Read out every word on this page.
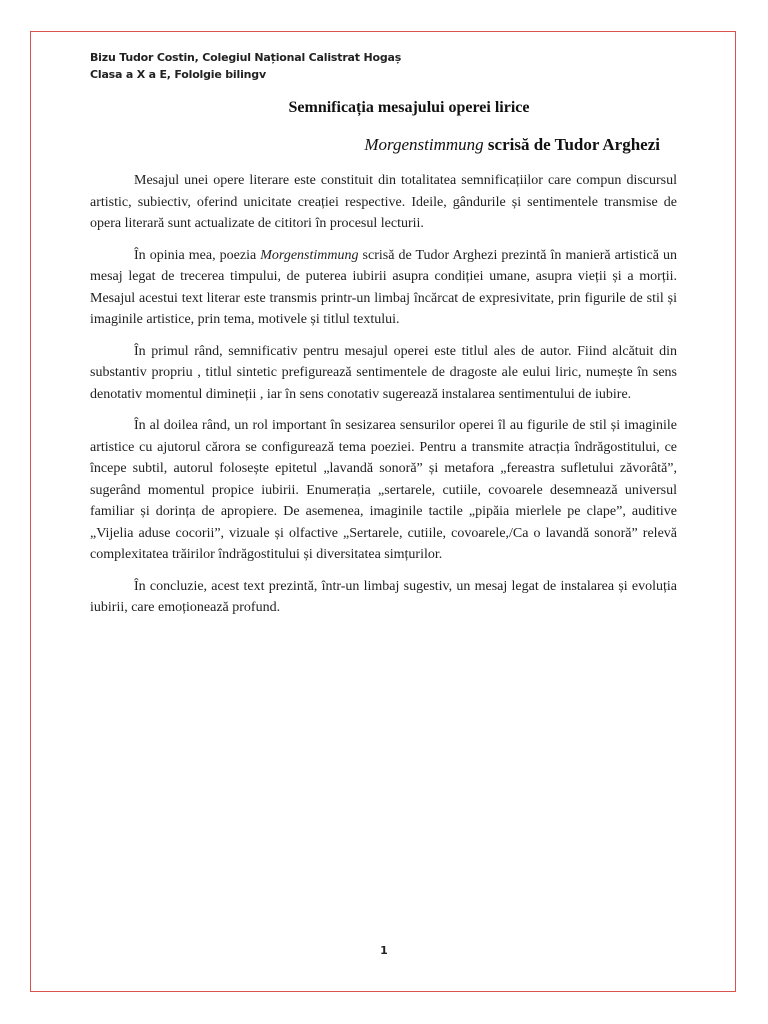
Bizu Tudor Costin, Colegiul Național Calistrat Hogaș
Clasa a X a E, Fololgie bilingv
Semnificația mesajului operei lirice
Morgenstimmung scrisă de Tudor Arghezi

Mesajul unei opere literare este constituit din totalitatea semnificațiilor care compun discursul artistic, subiectiv, oferind unicitate creației respective. Ideile, gândurile și sentimentele transmise de opera literară sunt actualizate de cititori în procesul lecturii.

În opinia mea, poezia Morgenstimmung scrisă de Tudor Arghezi prezintă în manieră artistică un mesaj legat de trecerea timpului, de puterea iubirii asupra condiției umane, asupra vieții și a morții. Mesajul acestui text literar este transmis printr-un limbaj încărcat de expresivitate, prin figurile de stil și imaginile artistice, prin tema, motivele și titlul textului.

În primul rând, semnificativ pentru mesajul operei este titlul ales de autor. Fiind alcătuit din substantiv propriu , titlul sintetic prefigurează sentimentele de dragoste ale eului liric, numește în sens denotativ momentul dimineții , iar în sens conotativ sugerează instalarea sentimentului de iubire.

În al doilea rând, un rol important în sesizarea sensurilor operei îl au figurile de stil și imaginile artistice cu ajutorul cărora se configurează tema poeziei. Pentru a transmite atracția îndrăgostitului, ce începe subtil, autorul folosește epitetul „lavandă sonoră” și metafora „fereastra sufletului zăvorâtă”, sugerând momentul propice iubirii. Enumerația „sertarele, cutiile, covoarele desemnează universul familiar și dorința de apropiere. De asemenea, imaginile tactile „pipăia mierlele pe clape”, auditive „Vijelia aduse cocorii”, vizuale și olfactive „Sertarele, cutiile, covoarele,/Ca o lavandă sonoră” relevă complexitatea trăirilor îndrăgostitului și diversitatea simțurilor.

În concluzie, acest text prezintă, într-un limbaj sugestiv, un mesaj legat de instalarea și evoluția iubirii, care emoționează profund.

1
